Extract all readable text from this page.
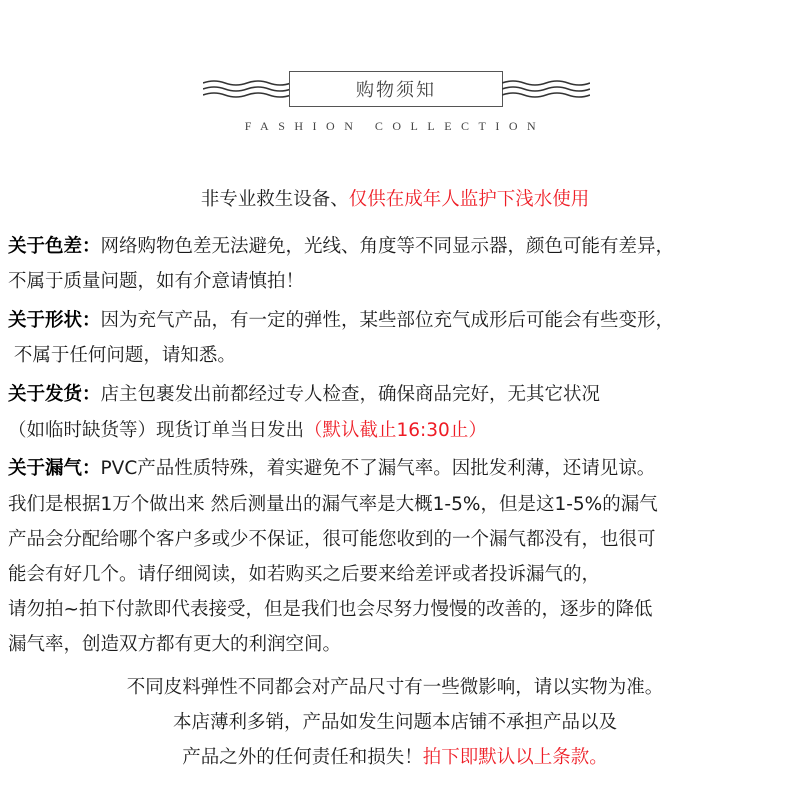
购物须知
FASHION COLLECTION
非专业救生设备、仅供在成年人监护下浅水使用
关于色差：网络购物色差无法避免，光线、角度等不同显示器，颜色可能有差异，
不属于质量问题，如有介意请慎拍！
关于形状：因为充气产品，有一定的弹性，某些部位充气成形后可能会有些变形，
不属于任何问题，请知悉。
关于发货：店主包裹发出前都经过专人检查，确保商品完好，无其它状况
（如临时缺货等）现货订单当日发出（默认截止16:30止）
关于漏气：PVC产品性质特殊，着实避免不了漏气率。因批发利薄，还请见谅。
我们是根据1万个做出来 然后测量出的漏气率是大概1-5%，但是这1-5%的漏气
产品会分配给哪个客户多或少不保证，很可能您收到的一个漏气都没有，也很可
能会有好几个。请仔细阅读，如若购买之后要来给差评或者投诉漏气的，
请勿拍~拍下付款即代表接受，但是我们也会尽努力慢慢的改善的，逐步的降低
漏气率，创造双方都有更大的利润空间。
不同皮料弹性不同都会对产品尺寸有一些微影响，请以实物为准。
本店薄利多销，产品如发生问题本店铺不承担产品以及
产品之外的任何责任和损失！拍下即默认以上条款。
